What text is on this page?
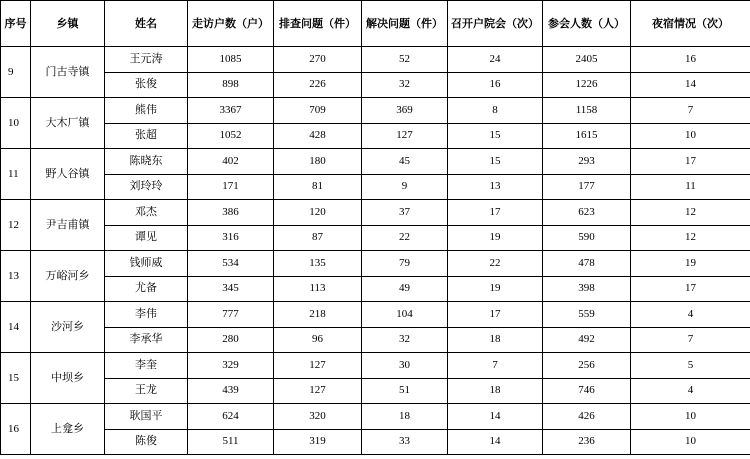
序号	乡镇	姓名	走访户数（户）	排查问题（件）	解决问题（件）	召开户院会（次）	参会人数（人）	夜宿情况（次）
9	门古寺镇	王元涛	1085	270	52	24	2405	16
		张俊	898	226	32	16	1226	14
10	大木厂镇	熊伟	3367	709	369	8	1158	7
		张超	1052	428	127	15	1615	10
11	野人谷镇	陈晓东	402	180	45	15	293	17
		刘玲玲	171	81	9	13	177	11
12	尹吉甫镇	邓杰	386	120	37	17	623	12
		谭见	316	87	22	19	590	12
13	万峪河乡	钱师威	534	135	79	22	478	19
		尤备	345	113	49	19	398	17
14	沙河乡	李伟	777	218	104	17	559	4
		李承华	280	96	32	18	492	7
15	中坝乡	李奎	329	127	30	7	256	5
		王龙	439	127	51	18	746	4
16	上龛乡	耿国平	624	320	18	14	426	10
		陈俊	511	319	33	14	236	10
